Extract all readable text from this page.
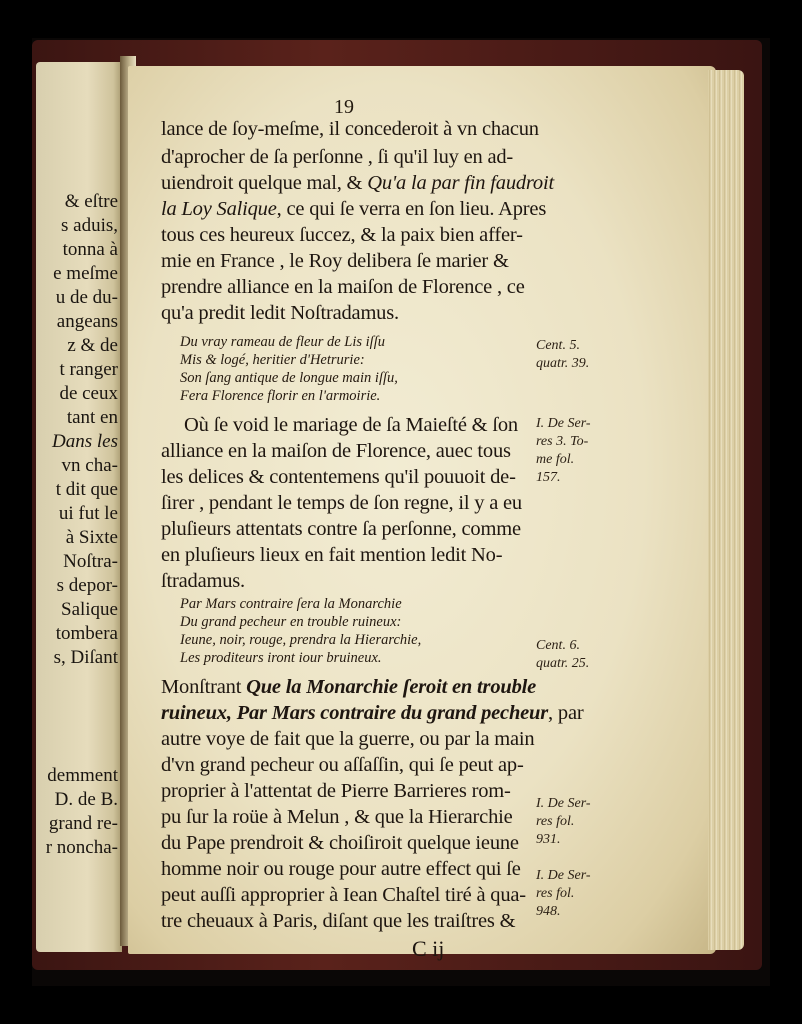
& eſtre
s aduis,
tonna à
e meſme
u de du-
angeans
z & de
t ranger
de ceux
tant en
Dans les
vn cha-
t dit que
ui fut le
à Sixte
Noſtra-
s depor-
Salique
tombera
s, Diſant
demment
D. de B.
grand re-
r noncha-
19
lance de ſoy-meſme, il concederoit à vn chacun
d'aprocher de ſa perſonne , ſi qu'il luy en ad-
uiendroit quelque mal, & Qu'a la par fin faudroit
la Loy Salique, ce qui ſe verra en ſon lieu. Apres
tous ces heureux ſuccez, & la paix bien affer-
mie en France , le Roy delibera ſe marier &
prendre alliance en la maiſon de Florence , ce
qu'a predit ledit Noſtradamus.
Du vray rameau de fleur de Lis iſſu
Mis & logé, heritier d'Hetrurie:
Son ſang antique de longue main iſſu,
Fera Florence florir en l'armoirie.
Où ſe void le mariage de ſa Maieſté & ſon
alliance en la maiſon de Florence, auec tous
les delices & contentemens qu'il pouuoit de-
ſirer , pendant le temps de ſon regne, il y a eu
pluſieurs attentats contre ſa perſonne, comme
en pluſieurs lieux en fait mention ledit No-
ſtradamus.
Par Mars contraire ſera la Monarchie
Du grand pecheur en trouble ruineux:
Ieune, noir, rouge, prendra la Hierarchie,
Les proditeurs iront iour bruineux.
Monſtrant Que la Monarchie ſeroit en trouble
ruineux, Par Mars contraire du grand pecheur, par
autre voye de fait que la guerre, ou par la main
d'vn grand pecheur ou aſſaſſin, qui ſe peut ap-
proprier à l'attentat de Pierre Barrieres rom-
pu ſur la roüe à Melun , & que la Hierarchie
du Pape prendroit & choiſiroit quelque ieune
homme noir ou rouge pour autre effect qui ſe
peut auſſi approprier à Iean Chaſtel tiré à qua-
tre cheuaux à Paris, diſant que les traiſtres &
C ij
Cent. 5.
quatr. 39.
I. De Ser-
res 3. To-
me fol.
157.
Cent. 6.
quatr. 25.
I. De Ser-
res fol.
931.
I. De Ser-
res fol.
948.
